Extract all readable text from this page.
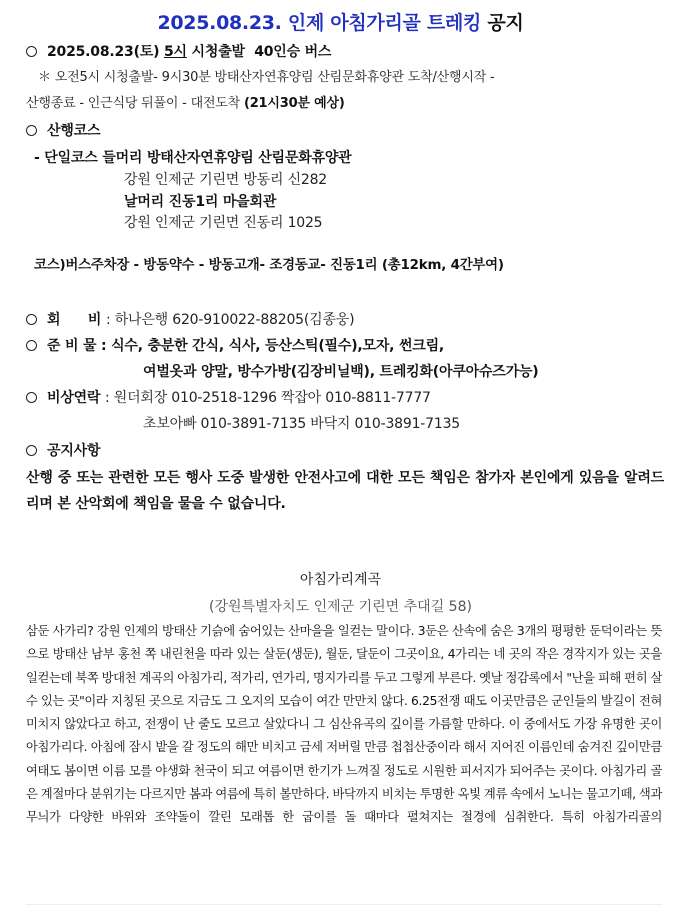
2025.08.23. 인제 아침가리골 트레킹 공지
2025.08.23(토) 5시 시청출발 40인승 버스
＊ 오전5시 시청출발- 9시30분 방태산자연휴양림 산림문화휴양관 도착/산행시작 -
산행종료 - 인근식당 뒤풀이 - 대전도착 (21시30분 예상)
산행코스
- 단일코스 들머리 방태산자연휴양림 산림문화휴양관
강원 인제군 기린면 방동리 신282
날머리 진동1리 마을회관
강원 인제군 기린면 진동리 1025
코스)버스주차장 - 방동약수 - 방동고개- 조경동교- 진동1리 (총12km, 4간부여)
회　　비 : 하나은행 620-910022-88205(김종웅)
준 비 물 : 식수, 충분한 간식, 식사, 등산스틱(필수),모자, 썬크림,
여벌옷과 양말, 방수가방(김장비닐백), 트레킹화(아쿠아슈즈가능)
비상연락 : 원더회장 010-2518-1296 짝잡아 010-8811-7777
초보아빠 010-3891-7135 바닥지 010-3891-7135
공지사항
산행 중 또는 관련한 모든 행사 도중 발생한 안전사고에 대한 모든 책임은 참가자 본인에게 있음을 알려드리며 본 산악회에 책임을 물을 수 없습니다.
아침가리계곡
(강원특별자치도 인제군 기린면 추대길 58)

삼둔 사가리? 강원 인제의 방태산 기슭에 숨어있는 산마을을 일컫는 말이다. 3둔은 산속에 숨은 3개의 평평한 둔덕이라는 뜻으로 방태산 남부 홍천 쪽 내린천을 따라 있는 살둔(생둔), 월둔, 달둔이 그곳이요, 4가리는 네 곳의 작은 경작지가 있는 곳을 일컫는데 북쪽 방대천 계곡의 아침가리, 적가리, 연가리, 명지가리를 두고 그렇게 부른다. 옛날 정감록에서 "난을 피해 편히 살 수 있는 곳"이라 지칭된 곳으로 지금도 그 오지의 모습이 여간 만만치 않다. 6.25전쟁 때도 이곳만큼은 군인들의 발길이 전혀 미치지 않았다고 하고, 전쟁이 난 줄도 모르고 살았다니 그 심산유곡의 깊이를 가름할 만하다. 이 중에서도 가장 유명한 곳이 아침가리다. 아침에 잠시 밭을 갈 정도의 해만 비치고 금세 저버릴 만큼 첩첩산중이라 해서 지어진 이름인데 숨겨진 깊이만큼 여태도 봄이면 이름 모를 야생화 천국이 되고 여름이면 한기가 느껴질 정도로 시원한 피서지가 되어주는 곳이다. 아침가리 골은 계절마다 분위기는 다르지만 봄과 여름에 특히 볼만하다. 바닥까지 비치는 투명한 옥빛 계류 속에서 노니는 물고기떼, 색과 무늬가 다양한 바위와 조약돌이 깔린 모래톱 한 굽이를 돌 때마다 펼쳐지는 절경에 심취한다. 특히 아침가리골의
